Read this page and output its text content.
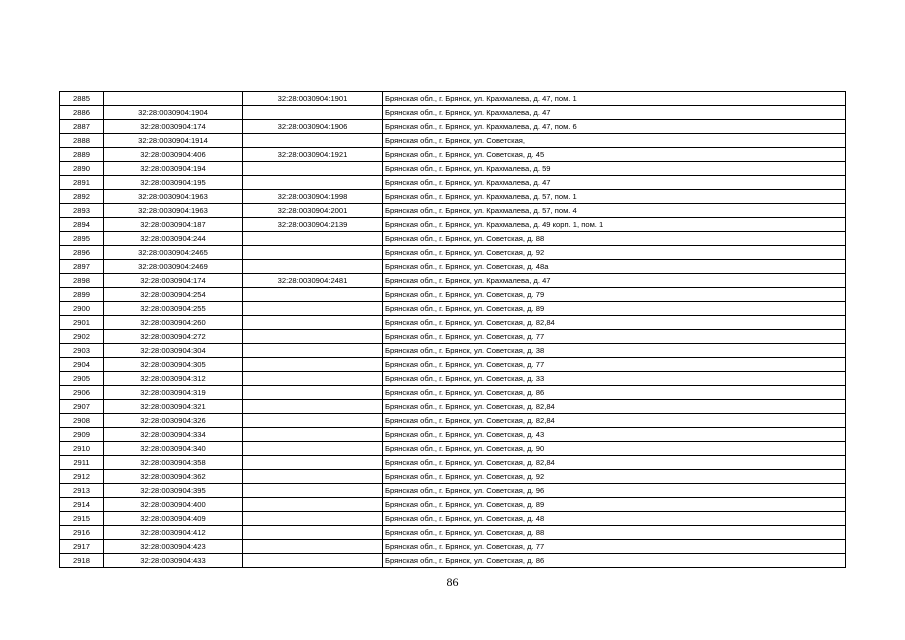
2885		32:28:0030904:1901	Брянская обл., г. Брянск, ул. Крахмалева, д. 47, пом. 1
2886	32:28:0030904:1904		Брянская обл., г. Брянск, ул. Крахмалева, д. 47
2887	32:28:0030904:174	32:28:0030904:1906	Брянская обл., г. Брянск, ул. Крахмалева, д. 47, пом. 6
2888	32:28:0030904:1914		Брянская обл., г. Брянск, ул. Советская,
2889	32:28:0030904:406	32:28:0030904:1921	Брянская обл., г. Брянск, ул. Советская, д. 45
2890	32:28:0030904:194		Брянская обл., г. Брянск, ул. Крахмалева, д. 59
2891	32:28:0030904:195		Брянская обл., г. Брянск, ул. Крахмалева, д. 47
2892	32:28:0030904:1963	32:28:0030904:1998	Брянская обл., г. Брянск, ул. Крахмалева, д. 57, пом. 1
2893	32:28:0030904:1963	32:28:0030904:2001	Брянская обл., г. Брянск, ул. Крахмалева, д. 57, пом. 4
2894	32:28:0030904:187	32:28:0030904:2139	Брянская обл., г. Брянск, ул. Крахмалева, д. 49 корп. 1, пом. 1
2895	32:28:0030904:244		Брянская обл., г. Брянск, ул. Советская, д. 88
2896	32:28:0030904:2465		Брянская обл., г. Брянск, ул. Советская, д. 92
2897	32:28:0030904:2469		Брянская обл., г. Брянск, ул. Советская, д. 48а
2898	32:28:0030904:174	32:28:0030904:2481	Брянская обл., г. Брянск, ул. Крахмалева, д. 47
2899	32:28:0030904:254		Брянская обл., г. Брянск, ул. Советская, д. 79
2900	32:28:0030904:255		Брянская обл., г. Брянск, ул. Советская, д. 89
2901	32:28:0030904:260		Брянская обл., г. Брянск, ул. Советская, д. 82,84
2902	32:28:0030904:272		Брянская обл., г. Брянск, ул. Советская, д. 77
2903	32:28:0030904:304		Брянская обл., г. Брянск, ул. Советская, д. 38
2904	32:28:0030904:305		Брянская обл., г. Брянск, ул. Советская, д. 77
2905	32:28:0030904:312		Брянская обл., г. Брянск, ул. Советская, д. 33
2906	32:28:0030904:319		Брянская обл., г. Брянск, ул. Советская, д. 86
2907	32:28:0030904:321		Брянская обл., г. Брянск, ул. Советская, д. 82,84
2908	32:28:0030904:326		Брянская обл., г. Брянск, ул. Советская, д. 82,84
2909	32:28:0030904:334		Брянская обл., г. Брянск, ул. Советская, д. 43
2910	32:28:0030904:340		Брянская обл., г. Брянск, ул. Советская, д. 90
2911	32:28:0030904:358		Брянская обл., г. Брянск, ул. Советская, д. 82,84
2912	32:28:0030904:362		Брянская обл., г. Брянск, ул. Советская, д. 92
2913	32:28:0030904:395		Брянская обл., г. Брянск, ул. Советская, д. 96
2914	32:28:0030904:400		Брянская обл., г. Брянск, ул. Советская, д. 89
2915	32:28:0030904:409		Брянская обл., г. Брянск, ул. Советская, д. 48
2916	32:28:0030904:412		Брянская обл., г. Брянск, ул. Советская, д. 88
2917	32:28:0030904:423		Брянская обл., г. Брянск, ул. Советская, д. 77
2918	32:28:0030904:433		Брянская обл., г. Брянск, ул. Советская, д. 86
86
